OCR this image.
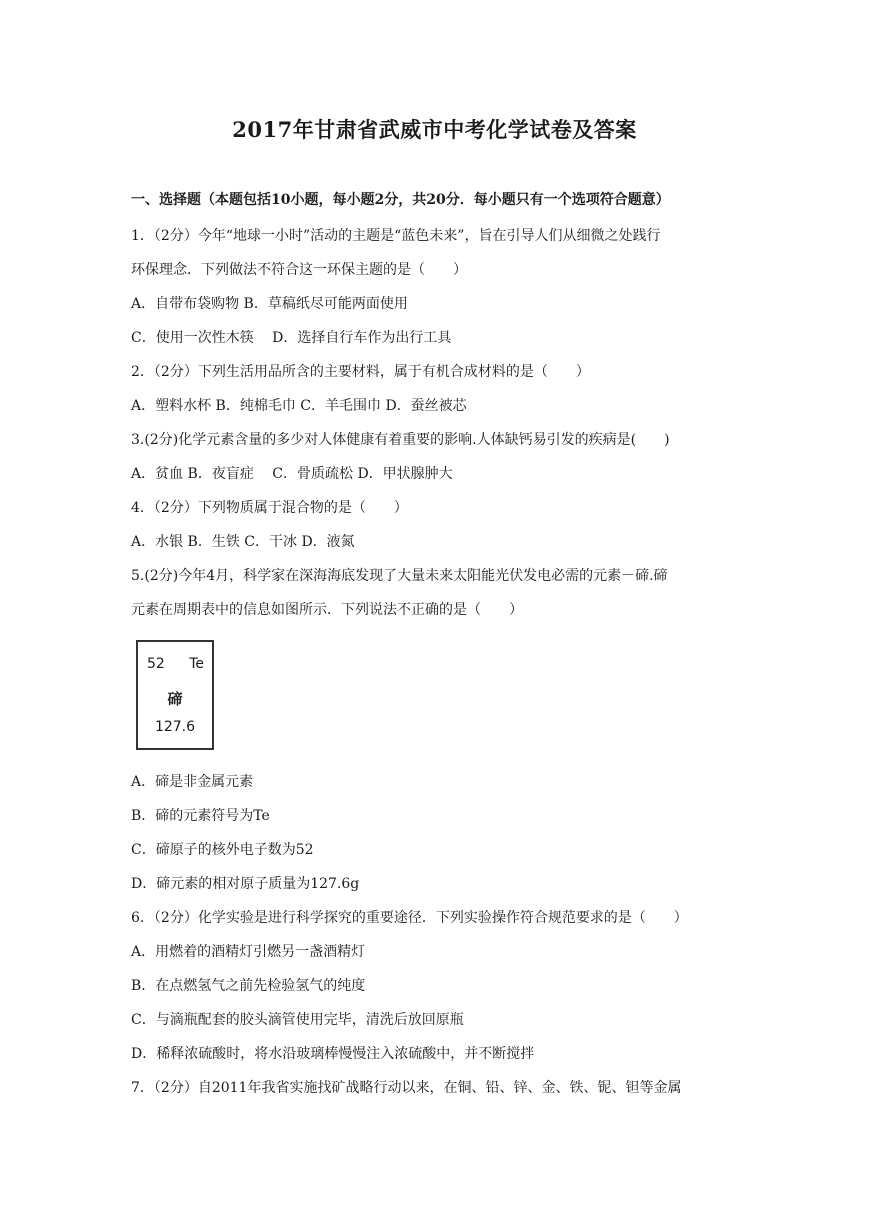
2017年甘肃省武威市中考化学试卷及答案
一、选择题（本题包括10小题，每小题2分，共20分．每小题只有一个选项符合题意）
1．（2分）今年“地球一小时”活动的主题是“蓝色未来”，旨在引导人们从细微之处践行
环保理念．下列做法不符合这一环保主题的是（　　）
A．自带布袋购物 B．草稿纸尽可能两面使用
C．使用一次性木筷　 D．选择自行车作为出行工具
2．（2分）下列生活用品所含的主要材料，属于有机合成材料的是（　　）
A．塑料水杯 B．纯棉毛巾 C．羊毛围巾 D．蚕丝被芯
3.(2分)化学元素含量的多少对人体健康有着重要的影响.人体缺钙易引发的疾病是(　　)
A．贫血 B．夜盲症　 C．骨质疏松 D．甲状腺肿大
4．（2分）下列物质属于混合物的是（　　）
A．水银 B．生铁 C．干冰 D．液氮
5.(2分)今年4月，科学家在深海海底发现了大量未来太阳能光伏发电必需的元素－碲.碲
元素在周期表中的信息如图所示．下列说法不正确的是（　　）
52 Te
碲
127.6
A．碲是非金属元素
B．碲的元素符号为Te
C．碲原子的核外电子数为52
D．碲元素的相对原子质量为127.6g
6．（2分）化学实验是进行科学探究的重要途径．下列实验操作符合规范要求的是（　　）
A．用燃着的酒精灯引燃另一盏酒精灯
B．在点燃氢气之前先检验氢气的纯度
C．与滴瓶配套的胶头滴管使用完毕，清洗后放回原瓶
D．稀释浓硫酸时，将水沿玻璃棒慢慢注入浓硫酸中，并不断搅拌
7．（2分）自2011年我省实施找矿战略行动以来，在铜、铅、锌、金、铁、铌、钽等金属
